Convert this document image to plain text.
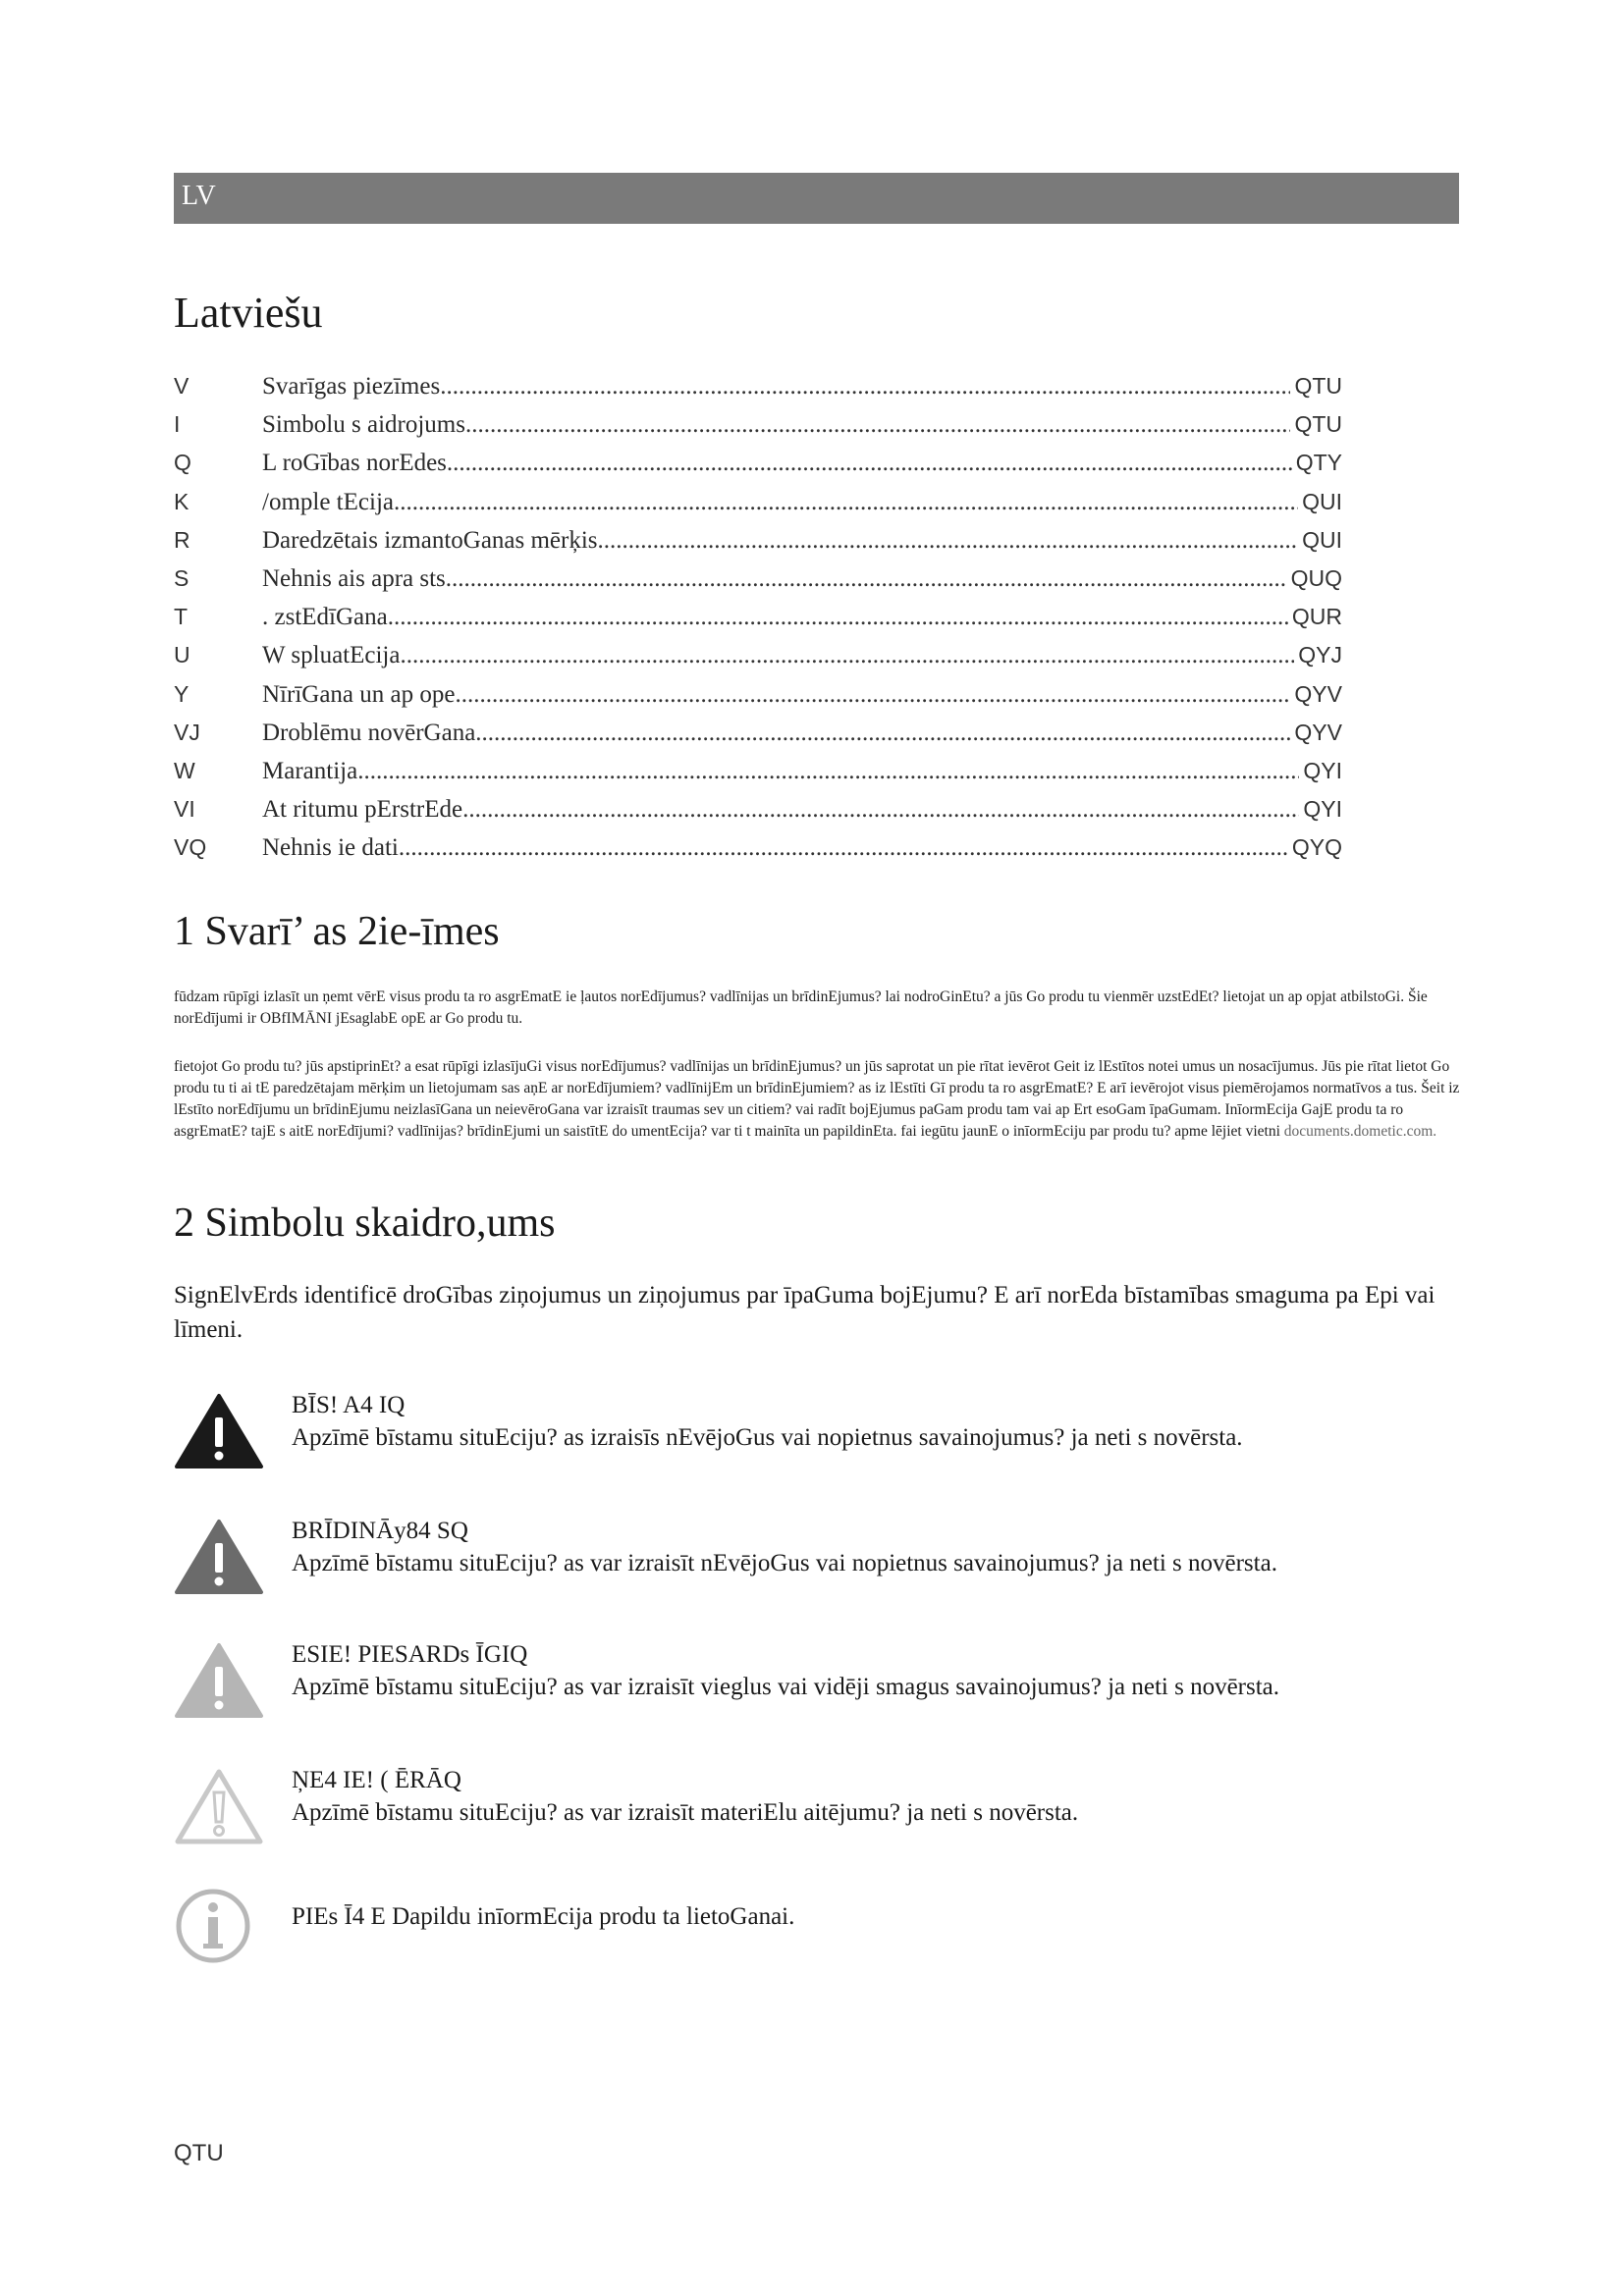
LV
Latviešu
V	Svarīgas piezīmes .....	QTU
I	Simbolu s aidrojums .....	QTU
Q	L roGības norEdes .....	QTY
K	/omple tEcija .....	QUI
R	Daredzētais izmantoGanas mērķis .....	QUI
S	Nehnis ais apra sts .....	QUQ
T	. zstEdīGana .....	QUR
U	W spluatEcija .....	QYJ
Y	NīrīGana un ap ope .....	QYV
VJ	Droblēmu novērGana .....	QYV
W	Marantija .....	QYI
VI	At ritumu pErstrEde .....	QYI
VQ	Nehnis ie dati .....	QYQ
1 Svarī’ as 2ie-īmes

fūdzam rūpīgi izlasīt un ņemt vērE visus produ ta ro asgrEmatE ie ļautos norEdījumus? vadlīnijas un brīdinEjumus? lai nodroGinEtu? a jūs Go produ tu vienmēr uzstEdEt? lietojat un ap opjat atbilstoGi. Šie norEdījumi ir OBfIMĀNI jEsaglabE opE ar Go produ tu.

fietojot Go produ tu? jūs apstiprinEt? a esat rūpīgi izlasījuGi visus norEdījumus? vadlīnijas un brīdinEjumus? un jūs saprotat un pie rītat ievērot Geit iz lEstītos notei umus un nosacījumus. Jūs pie rītat lietot Go produ tu ti ai tE paredzētajam mērķim un lietojumam sas aņE ar norEdījumiem? vadlīnijEm un brīdinEjumiem? as iz lEstīti Gī produ ta ro asgrEmatE? E arī ievērojot visus piemērojamos normatīvos a tus. Šeit iz lEstīto norEdījumu un brīdinEjumu neizlasīGana un neievēroGana var izraisīt traumas sev un citiem? vai radīt bojEjumus paGam produ tam vai ap Ert esoGam īpaGumam. InīormEcija GajE produ ta ro asgrEmatE? tajE s aitE norEdījumi? vadlīnijas? brīdinEjumi un saistītE do umentEcija? var ti t mainīta un papildinEta. fai iegūtu jaunE o inīormEciju par produ tu? apme lējiet vietni documents.dometic.com.

2 Simbolu skaidro,ums

SignElvErds identificē droGības ziņojumus un ziņojumus par īpaGuma bojEjumu? E arī norEda bīstamības smaguma pa Epi vai līmeni.

BĪS! A4 IQ
Apzīmē bīstamu situEciju? as izraisīs nEvējoGus vai nopietnus savainojumus? ja neti s novērsta.
BRĪDINĀy84 SQ
Apzīmē bīstamu situEciju? as var izraisīt nEvējoGus vai nopietnus savainojumus? ja neti s novērsta.
ESIE! PIESARDs ĪGIQ
Apzīmē bīstamu situEciju? as var izraisīt vieglus vai vidēji smagus savainojumus? ja neti s novērsta.
ŅE4 IE! ( ĒRĀQ
Apzīmē bīstamu situEciju? as var izraisīt materiElu aitējumu? ja neti s novērsta.
PIEs Ī4 E Dapildu inīormEcija produ ta lietoGanai.
QTU
